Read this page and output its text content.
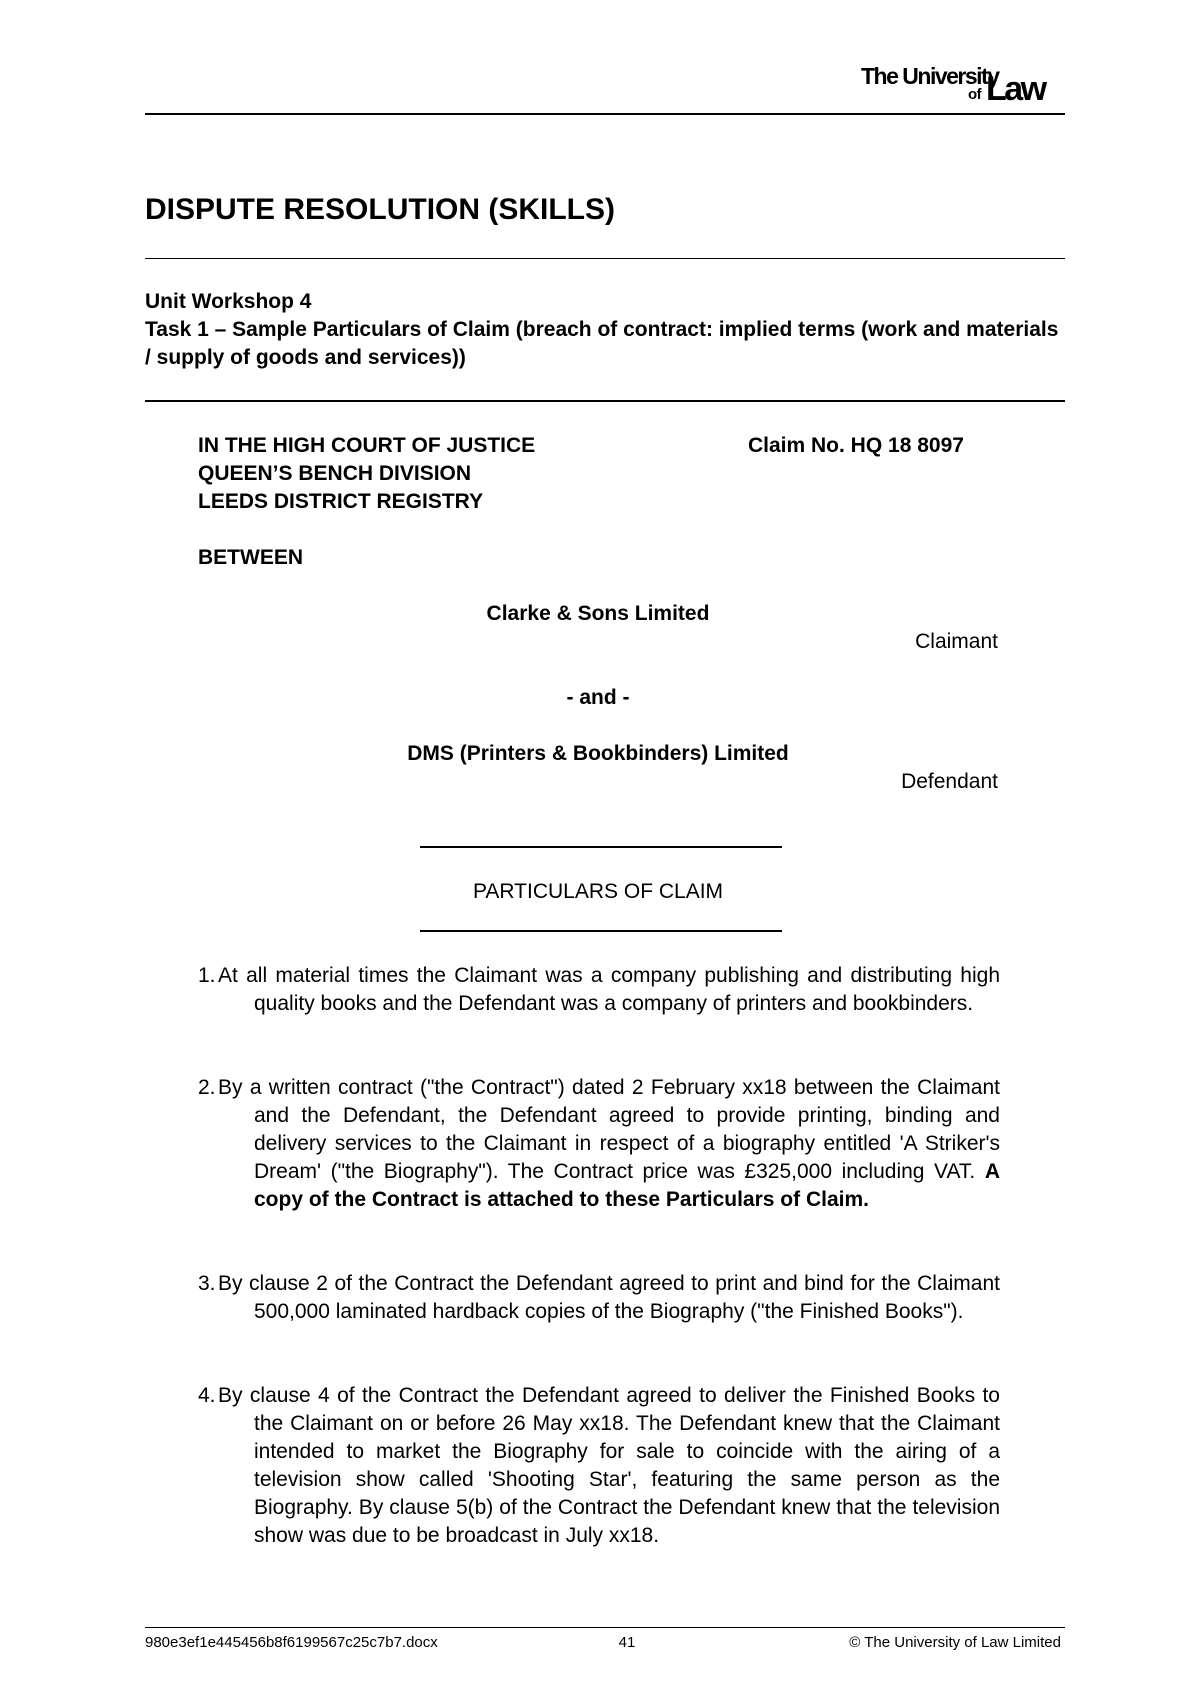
The University
of Law
DISPUTE RESOLUTION (SKILLS)
Unit Workshop 4
Task 1 – Sample Particulars of Claim (breach of contract: implied terms (work and materials / supply of goods and services))
IN THE HIGH COURT OF JUSTICE
QUEEN’S BENCH DIVISION
LEEDS DISTRICT REGISTRY
Claim No. HQ 18 8097
BETWEEN
Clarke & Sons Limited
Claimant
- and -
DMS (Printers & Bookbinders) Limited
Defendant
PARTICULARS OF CLAIM
1. At all material times the Claimant was a company publishing and distributing high quality books and the Defendant was a company of printers and bookbinders.
2. By a written contract ("the Contract") dated 2 February xx18 between the Claimant and the Defendant, the Defendant agreed to provide printing, binding and delivery services to the Claimant in respect of a biography entitled 'A Striker's Dream' ("the Biography"). The Contract price was £325,000 including VAT. A copy of the Contract is attached to these Particulars of Claim.
3. By clause 2 of the Contract the Defendant agreed to print and bind for the Claimant 500,000 laminated hardback copies of the Biography ("the Finished Books").
4. By clause 4 of the Contract the Defendant agreed to deliver the Finished Books to the Claimant on or before 26 May xx18. The Defendant knew that the Claimant intended to market the Biography for sale to coincide with the airing of a television show called 'Shooting Star', featuring the same person as the Biography. By clause 5(b) of the Contract the Defendant knew that the television show was due to be broadcast in July xx18.
980e3ef1e445456b8f6199567c25c7b7.docx	41	© The University of Law Limited
